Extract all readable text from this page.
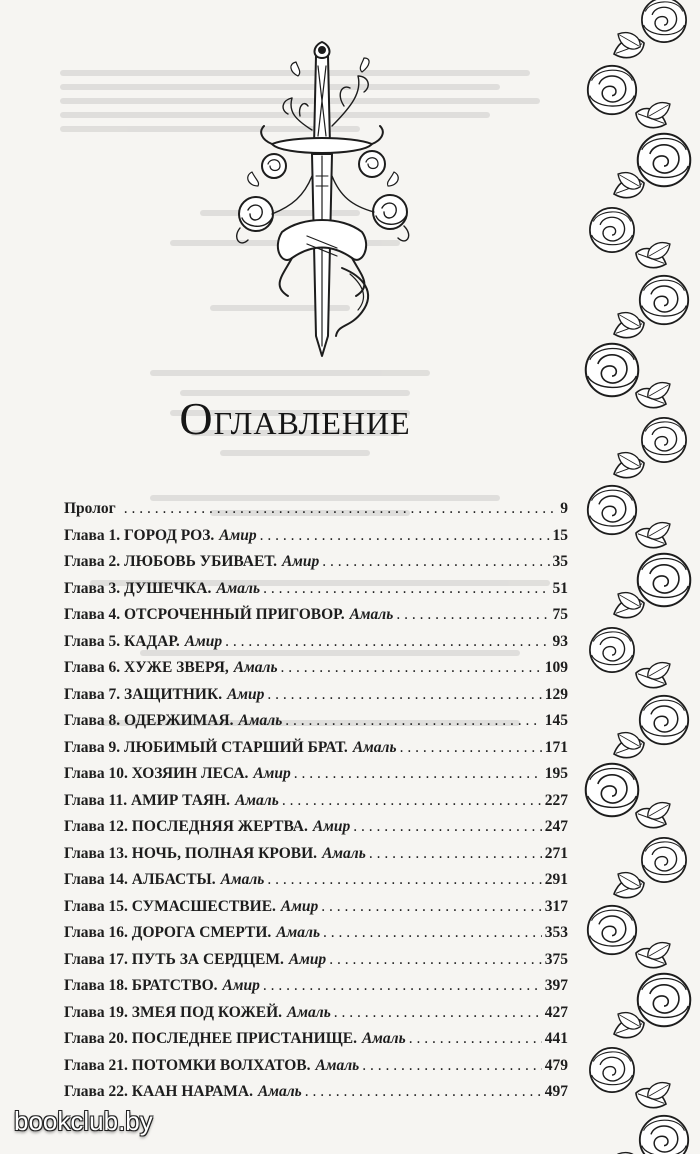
Оглавление
Пролог . . .	9
Глава 1. ГОРОД РОЗ. Амир . . .	15
Глава 2. ЛЮБОВЬ УБИВАЕТ. Амир . . .	35
Глава 3. ДУШЕЧКА. Амаль . . .	51
Глава 4. ОТСРОЧЕННЫЙ ПРИГОВОР. Амаль . . .	75
Глава 5. КАДАР. Амир . . .	93
Глава 6. ХУЖЕ ЗВЕРЯ, Амаль . . .	109
Глава 7. ЗАЩИТНИК. Амир . . .	129
Глава 8. ОДЕРЖИМАЯ. Амаль . . .	145
Глава 9. ЛЮБИМЫЙ СТАРШИЙ БРАТ. Амаль . . .	171
Глава 10. ХОЗЯИН ЛЕСА. Амир . . .	195
Глава 11. АМИР ТАЯН. Амаль . . .	227
Глава 12. ПОСЛЕДНЯЯ ЖЕРТВА. Амир . . .	247
Глава 13. НОЧЬ, ПОЛНАЯ КРОВИ. Амаль . . .	271
Глава 14. АЛБАСТЫ. Амаль . . .	291
Глава 15. СУМАСШЕСТВИЕ. Амир . . .	317
Глава 16. ДОРОГА СМЕРТИ. Амаль . . .	353
Глава 17. ПУТЬ ЗА СЕРДЦЕМ. Амир . . .	375
Глава 18. БРАТСТВО. Амир . . .	397
Глава 19. ЗМЕЯ ПОД КОЖЕЙ. Амаль . . .	427
Глава 20. ПОСЛЕДНЕЕ ПРИСТАНИЩЕ. Амаль . . .	441
Глава 21. ПОТОМКИ ВОЛХАТОВ. Амаль . . .	479
Глава 22. КААН НАРАМА. Амаль . . .	497
bookclub.by
